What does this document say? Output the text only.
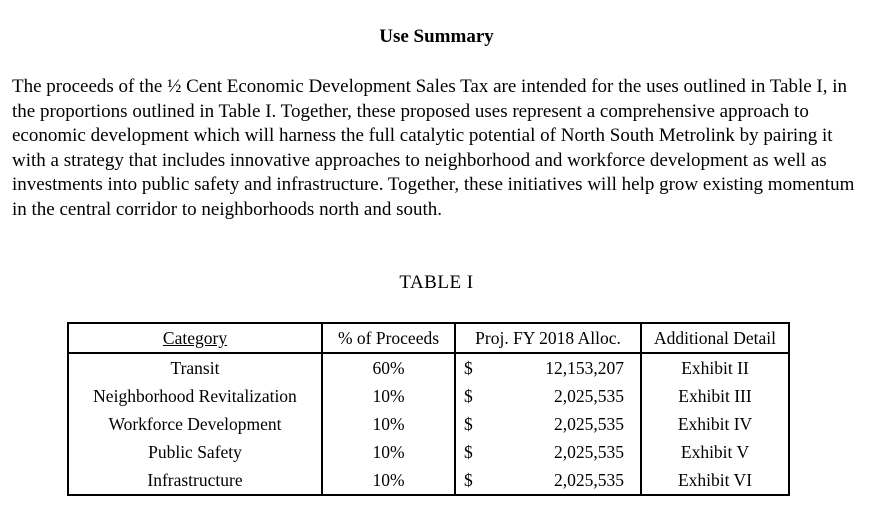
Use Summary

The proceeds of the ½ Cent Economic Development Sales Tax are intended for the uses outlined in Table I, in the proportions outlined in Table I. Together, these proposed uses represent a comprehensive approach to economic development which will harness the full catalytic potential of North South Metrolink by pairing it with a strategy that includes innovative approaches to neighborhood and workforce development as well as investments into public safety and infrastructure. Together, these initiatives will help grow existing momentum in the central corridor to neighborhoods north and south.

TABLE I
Category	% of Proceeds	Proj. FY 2018 Alloc.		Additional Detail
Transit	60%	$	12,153,207	Exhibit II
Neighborhood Revitalization	10%	$	2,025,535	Exhibit III
Workforce Development	10%	$	2,025,535	Exhibit IV
Public Safety	10%	$	2,025,535	Exhibit V
Infrastructure	10%	$	2,025,535	Exhibit VI
